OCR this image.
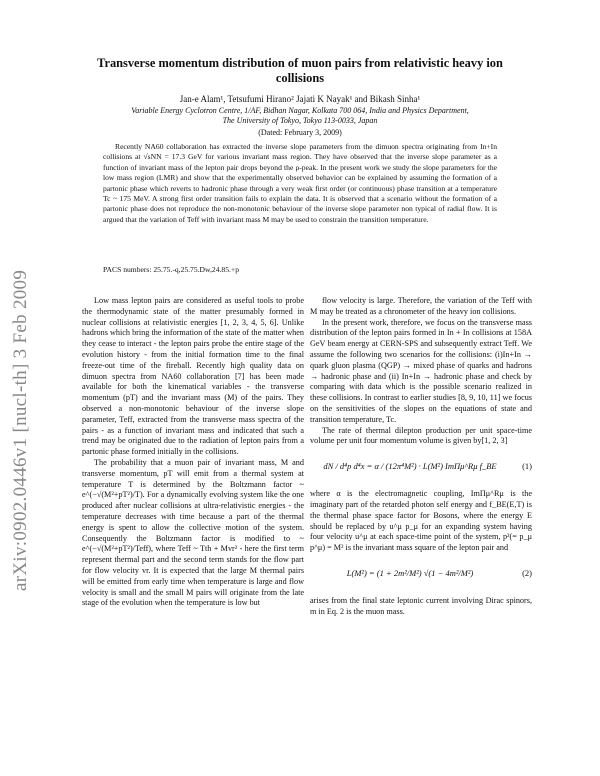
arXiv:0902.0446v1 [nucl-th] 3 Feb 2009
Transverse momentum distribution of muon pairs from relativistic heavy ion collisions
Jan-e Alam¹, Tetsufumi Hirano² Jajati K Nayak¹ and Bikash Sinha¹
Variable Energy Cyclotron Centre, 1/AF, Bidhan Nagar, Kolkata 700 064, India and Physics Department, The University of Tokyo, Tokyo 113-0033, Japan
(Dated: February 3, 2009)

Recently NA60 collaboration has extracted the inverse slope parameters from the dimuon spectra originating from In+In collisions at √sNN = 17.3 GeV for various invariant mass region. They have observed that the inverse slope parameter as a function of invariant mass of the lepton pair drops beyond the ρ-peak. In the present work we study the slope parameters for the low mass region (LMR) and show that the experimentally observed behavior can be explained by assuming the formation of a partonic phase which reverts to hadronic phase through a very weak first order (or continuous) phase transition at a temperature Tc ~ 175 MeV. A strong first order transition fails to explain the data. It is observed that a scenario without the formation of a partonic phase does not reproduce the non-monotonic behaviour of the inverse slope parameter non typical of radial flow. It is argued that the variation of Teff with invariant mass M may be used to constrain the transition temperature.

PACS numbers: 25.75.-q,25.75.Dw,24.85.+p

Low mass lepton pairs are considered as useful tools to probe the thermodynamic state of the matter presumably formed in nuclear collisions at relativistic energies [1, 2, 3, 4, 5, 6]. Unlike hadrons which bring the information of the state of the matter when they cease to interact - the lepton pairs probe the entire stage of the evolution history - from the initial formation time to the final freeze-out time of the fireball. Recently high quality data on dimuon spectra from NA60 collaboration [7] has been made available for both the kinematical variables - the transverse momentum (pT) and the invariant mass (M) of the pairs. They observed a non-monotonic behaviour of the inverse slope parameter, Teff, extracted from the transverse mass spectra of the pairs - as a function of invariant mass and indicated that such a trend may be originated due to the radiation of lepton pairs from a partonic phase formed initially in the collisions.

The probability that a muon pair of invariant mass, M and transverse momentum, pT will emit from a thermal system at temperature T is determined by the Boltzmann factor ~ e^(−√(M²+pT²)/T). For a dynamically evolving system like the one produced after nuclear collisions at ultra-relativistic energies - the temperature decreases with time because a part of the thermal energy is spent to allow the collective motion of the system. Consequently the Boltzmann factor is modified to ~ e^(−√(M²+pT²)/Teff), where Teff ~ Tth + Mvr² - here the first term represent thermal part and the second term stands for the flow part for flow velocity vr. It is expected that the large M thermal pairs will be emitted from early time when temperature is large and flow velocity is small and the small M pairs will originate from the late stage of the evolution when the temperature is low but

flow velocity is large. Therefore, the variation of the Teff with M may be treated as a chronometer of the heavy ion collisions.

In the present work, therefore, we focus on the transverse mass distribution of the lepton pairs formed in In + In collisions at 158A GeV beam energy at CERN-SPS and subsequently extract Teff. We assume the following two scenarios for the collisions: (i)In+In → quark gluon plasma (QGP) → mixed phase of quarks and hadrons → hadronic phase and (ii) In+In → hadronic phase and check by comparing with data which is the possible scenario realized in these collisions. In contrast to earlier studies [8, 9, 10, 11] we focus on the sensitivities of the slopes on the equations of state and transition temperature, Tc.

The rate of thermal dilepton production per unit space-time volume per unit four momentum volume is given by[1, 2, 3]

dN / d⁴p d⁴x = α / (12π⁴M²) · L(M²) ImΠμ^Rμ f_BE	(1)

where α is the electromagnetic coupling, ImΠμ^Rμ is the imaginary part of the retarded photon self energy and f_BE(E,T) is the thermal phase space factor for Bosons, where the energy E should be replaced by u^μ p_μ for an expanding system having four velocity u^μ at each space-time point of the system, p²(= p_μ p^μ) = M² is the invariant mass square of the lepton pair and

L(M²) = (1 + 2m²/M²) √(1 − 4m²/M²)	(2)

arises from the final state leptonic current involving Dirac spinors, m in Eq. 2 is the muon mass.
